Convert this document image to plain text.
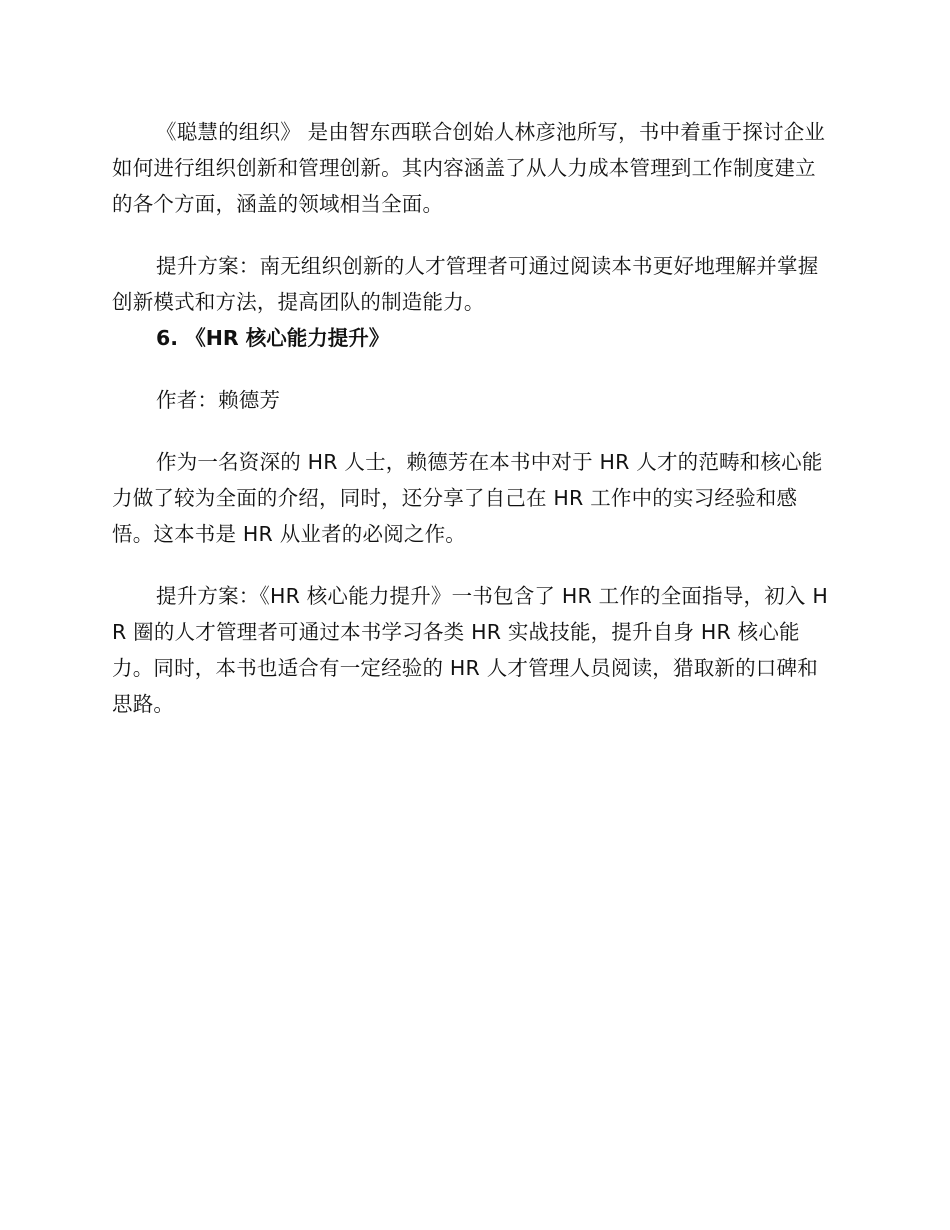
《聪慧的组织》 是由智东西联合创始人林彦池所写，书中着重于探讨企业如何进行组织创新和管理创新。其内容涵盖了从人力成本管理到工作制度建立的各个方面，涵盖的领域相当全面。

提升方案：南无组织创新的人才管理者可通过阅读本书更好地理解并掌握创新模式和方法，提高团队的制造能力。

6. 《HR 核心能力提升》

作者：赖德芳

作为一名资深的 HR 人士，赖德芳在本书中对于 HR 人才的范畴和核心能力做了较为全面的介绍，同时，还分享了自己在 HR 工作中的实习经验和感悟。这本书是 HR 从业者的必阅之作。

提升方案：《HR 核心能力提升》一书包含了 HR 工作的全面指导，初入 HR 圈的人才管理者可通过本书学习各类 HR 实战技能，提升自身 HR 核心能力。同时，本书也适合有一定经验的 HR 人才管理人员阅读，猎取新的口碑和思路。
